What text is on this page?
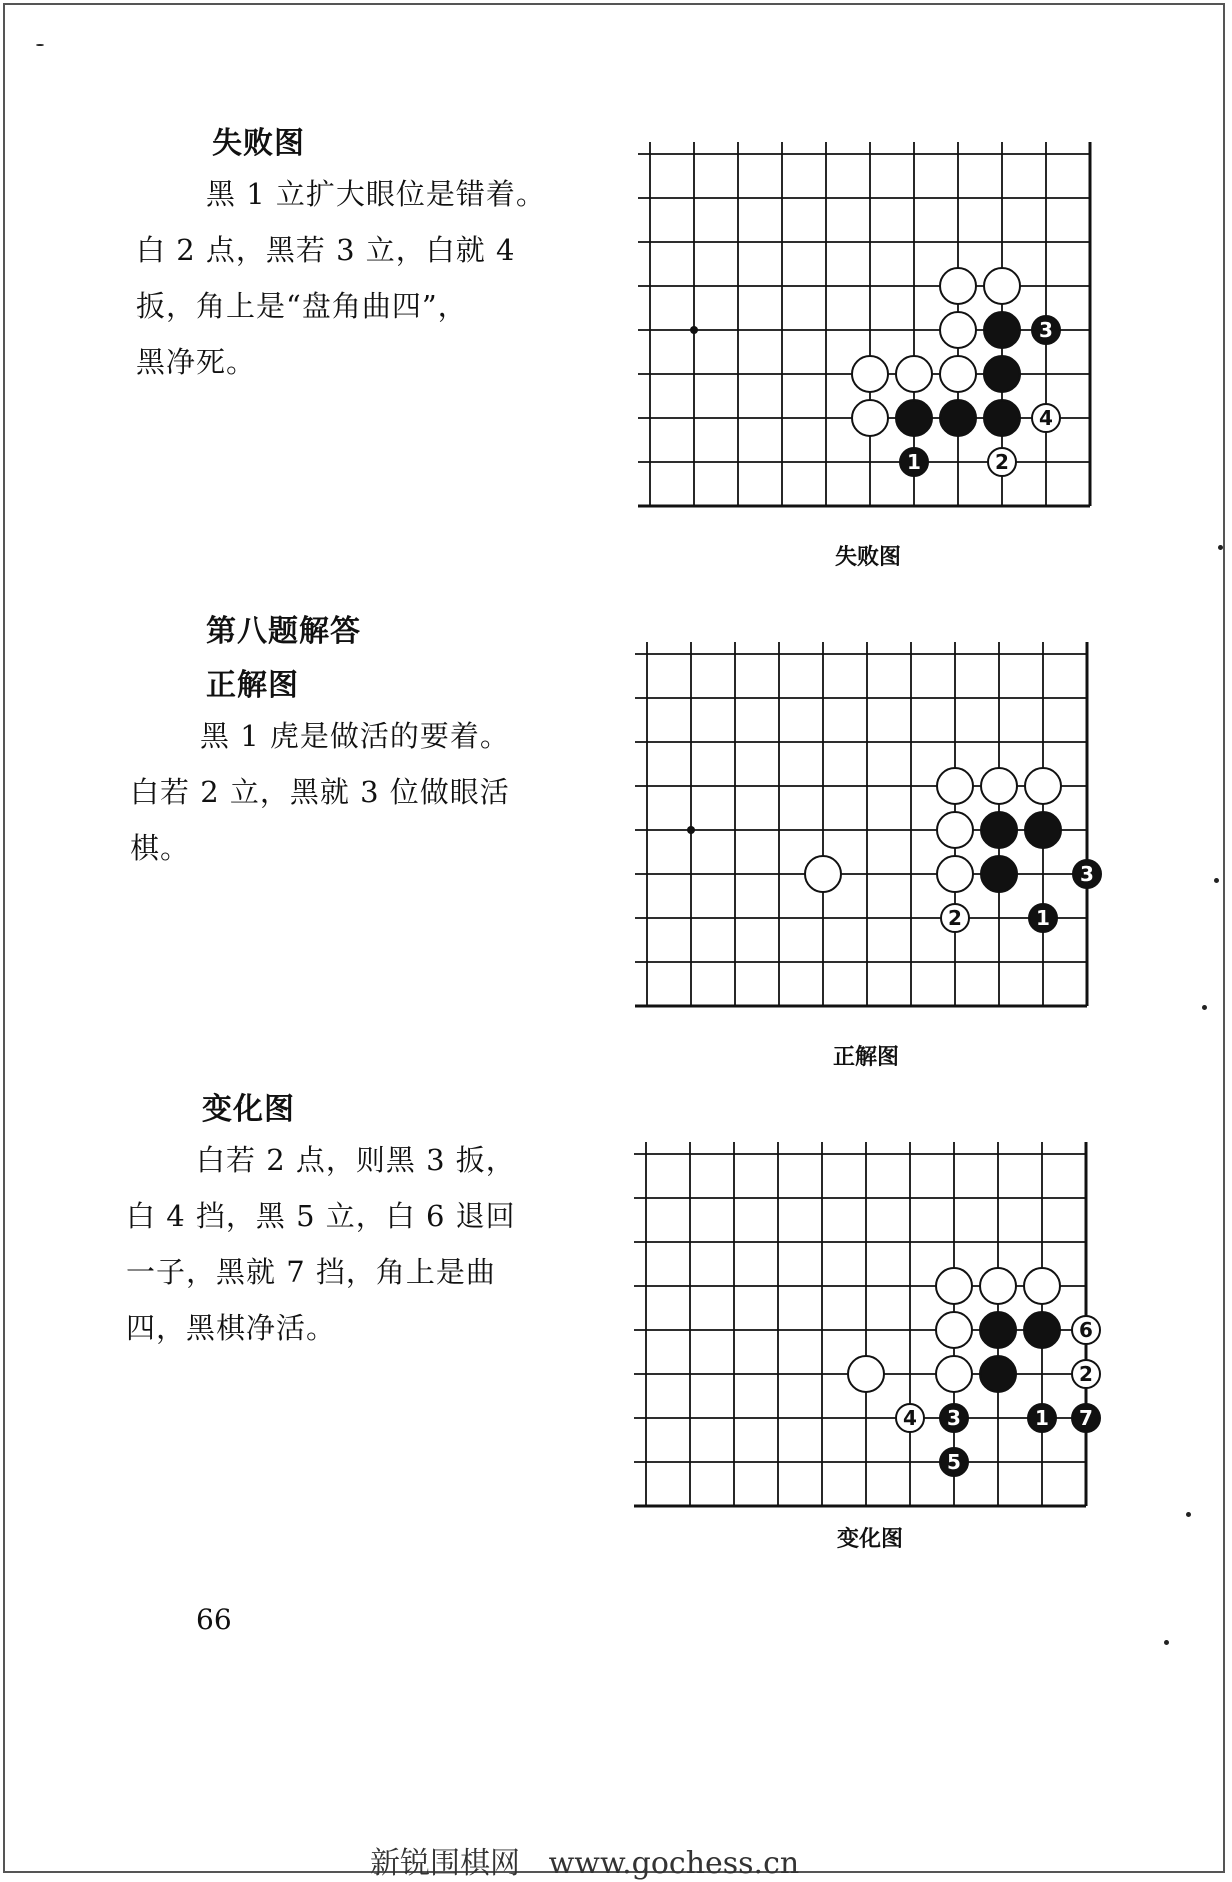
失败图
　黑 1 立扩大眼位是错着。
白 2 点，黑若 3 立，白就 4
扳，角上是“盘角曲四”，
黑净死。
3
4
1	2
失败图
第八题解答
正解图
　黑 1 虎是做活的要着。
白若 2 立，黑就 3 位做眼活
棋。
3
2	1
正解图
变化图
　白若 2 点，则黑 3 扳，
白 4 挡，黑 5 立，白 6 退回
一子，黑就 7 挡，角上是曲
四，黑棋净活。	6
2
4 3	1 7
5
变化图
66
新锐围棋网   www.gochess.cn
